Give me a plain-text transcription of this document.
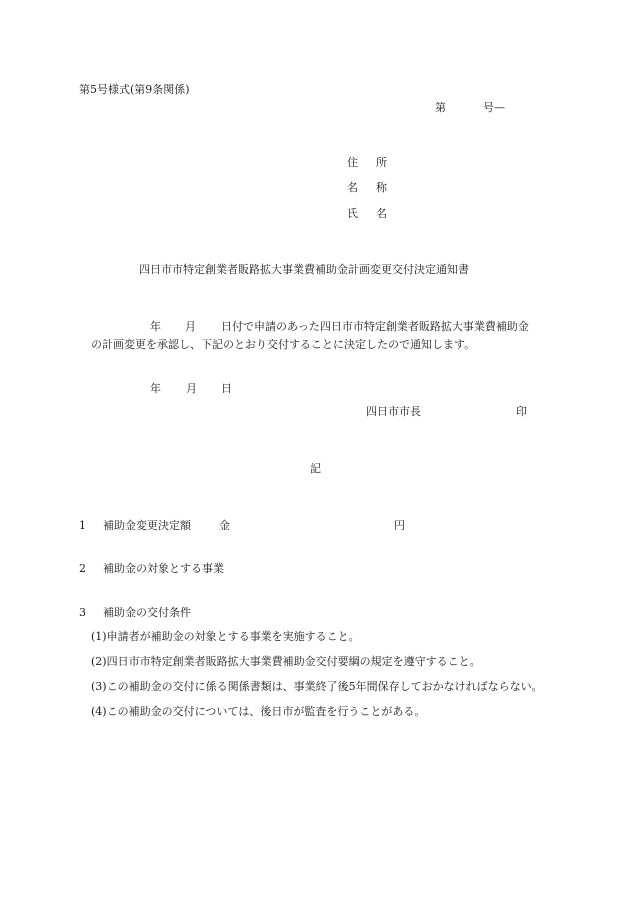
第5号様式(第9条関係)
第	号—
住 所
名 称
氏 名
四日市市特定創業者販路拡大事業費補助金計画変更交付決定通知書
年 月 日付で申請のあった四日市市特定創業者販路拡大事業費補助金
の計画変更を承認し、下記のとおり交付することに決定したので通知します。
年 月 日
四日市市長	印
記
1 補助金変更決定額	金	円
2 補助金の対象とする事業
3 補助金の交付条件
(1)申請者が補助金の対象とする事業を実施すること。
(2)四日市市特定創業者販路拡大事業費補助金交付要綱の規定を遵守すること。
(3)この補助金の交付に係る関係書類は、事業終了後5年間保存しておかなければならない。
(4)この補助金の交付については、後日市が監査を行うことがある。
